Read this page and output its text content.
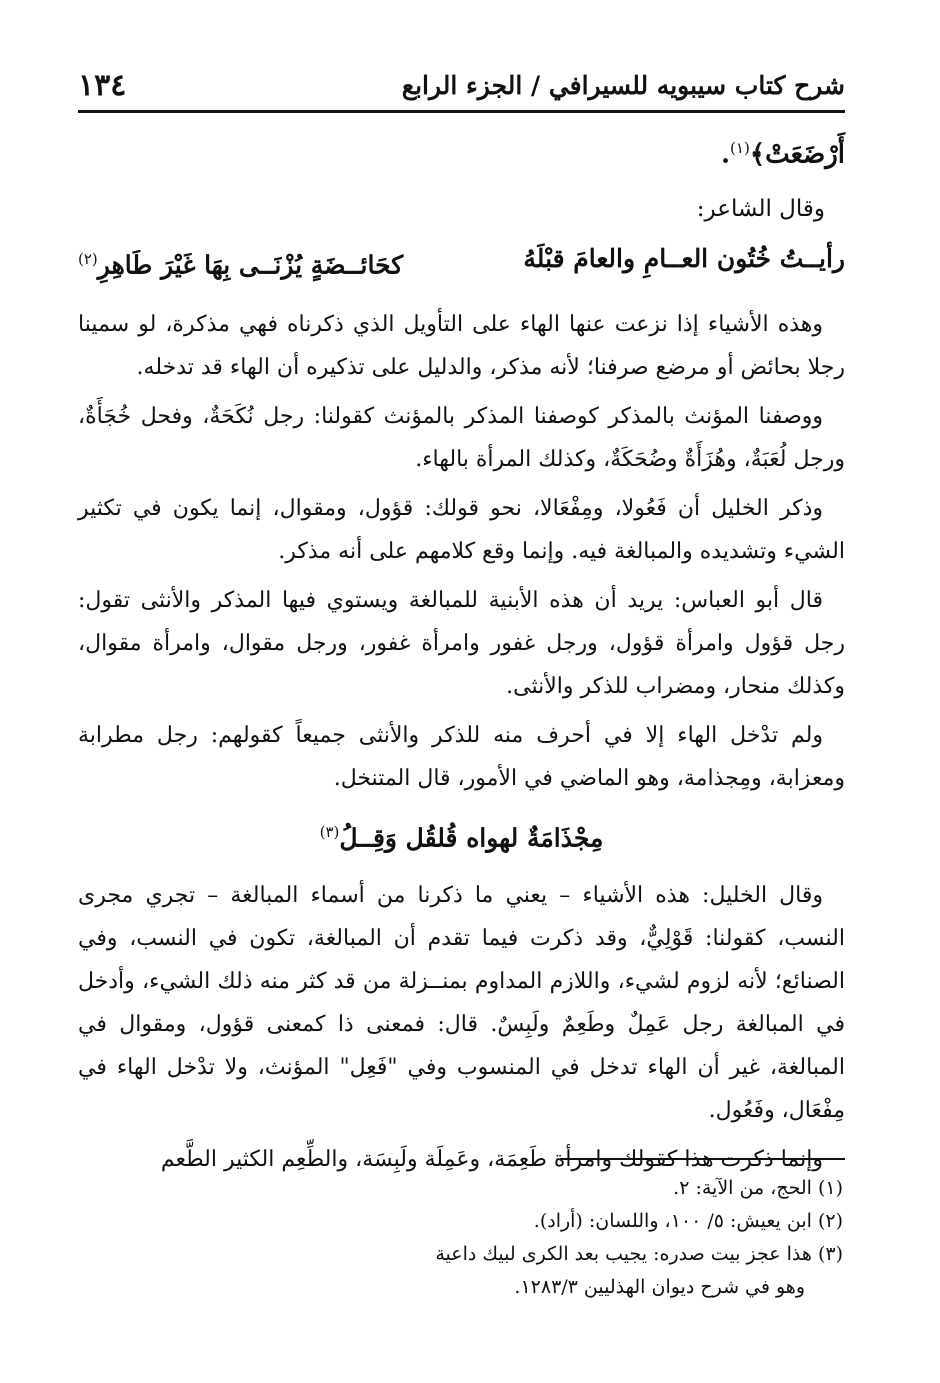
شرح كتاب سيبويه للسيرافي / الجزء الرابع
١٣٤
أَرْضَعَتْ﴾$^{(١)}$.
وقال الشاعر:
رأيــتُ خُتُون العــامِ والعامَ قبْلَهُ
كحَائــضَةٍ يُزْنَــى بِهَا غَيْرَ طَاهِرِ$^{(٢)}$

وهذه الأشياء إذا نزعت عنها الهاء على التأويل الذي ذكرناه فهي مذكرة، لو سمينا رجلا بحائض أو مرضع صرفنا؛ لأنه مذكر، والدليل على تذكيره أن الهاء قد تدخله.

ووصفنا المؤنث بالمذكر كوصفنا المذكر بالمؤنث كقولنا: رجل نُكَحَةٌ، وفحل خُجَأَةٌ، ورجل لُعَبَةٌ، وهُزَأَةٌ وضُحَكَةٌ، وكذلك المرأة بالهاء.

وذكر الخليل أن فَعُولا، ومِفْعَالا، نحو قولك: قؤول، ومقوال، إنما يكون في تكثير الشيء وتشديده والمبالغة فيه. وإنما وقع كلامهم على أنه مذكر.

قال أبو العباس: يريد أن هذه الأبنية للمبالغة ويستوي فيها المذكر والأنثى تقول: رجل قؤول وامرأة قؤول، ورجل غفور وامرأة غفور، ورجل مقوال، وامرأة مقوال، وكذلك منحار، ومضراب للذكر والأنثى.

ولم تدْخل الهاء إلا في أحرف منه للذكر والأنثى جميعاً كقولهم: رجل مطرابة ومعزابة، ومِجذامة، وهو الماضي في الأمور، قال المتنخل.

مِجْذَامَةٌ لهواه قُلقُل وَقِــلُ$^{(٣)}$

وقال الخليل: هذه الأشياء – يعني ما ذكرنا من أسماء المبالغة – تجري مجرى النسب، كقولنا: قَوْلِيٌّ، وقد ذكرت فيما تقدم أن المبالغة، تكون في النسب، وفي الصنائع؛ لأنه لزوم لشيء، واللازم المداوم بمنــزلة من قد كثر منه ذلك الشيء، وأدخل في المبالغة رجل عَمِلٌ وطَعِمٌ ولَبِسٌ. قال: فمعنى ذا كمعنى قؤول، ومقوال في المبالغة، غير أن الهاء تدخل في المنسوب وفي "فَعِل" المؤنث، ولا تدْخل الهاء في مِفْعَال، وفَعُول.

وإنما ذكرت هذا كقولك وامرأة طَعِمَة، وعَمِلَة ولَبِسَة، والطِّعِم الكثير الطَّعم

(١) الحج، من الآية: ٢.

(٢) ابن يعيش: ٥/ ١٠٠، واللسان: (أراد).

(٣) هذا عجز بيت صدره: يجيب بعد الكرى لبيك داعية

وهو في شرح ديوان الهذليين ١٢٨٣/٣.
